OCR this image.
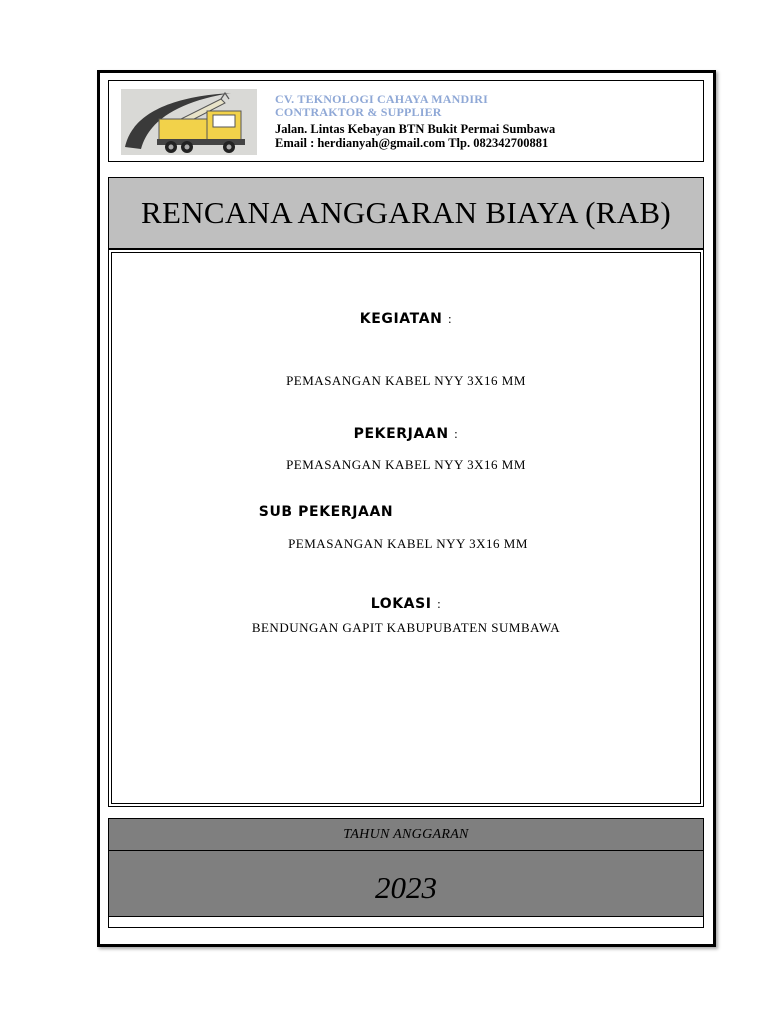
CV. TEKNOLOGI CAHAYA MANDIRI
CONTRAKTOR & SUPPLIER
Jalan. Lintas Kebayan BTN Bukit Permai Sumbawa
Email : herdianyah@gmail.com Tlp. 082342700881
RENCANA ANGGARAN BIAYA (RAB)
KEGIATAN :
PEMASANGAN KABEL NYY 3X16 MM
PEKERJAAN :
PEMASANGAN KABEL NYY 3X16 MM
SUB PEKERJAAN
PEMASANGAN KABEL NYY 3X16 MM
LOKASI :
BENDUNGAN GAPIT KABUPUBATEN SUMBAWA
TAHUN ANGGARAN
2023
